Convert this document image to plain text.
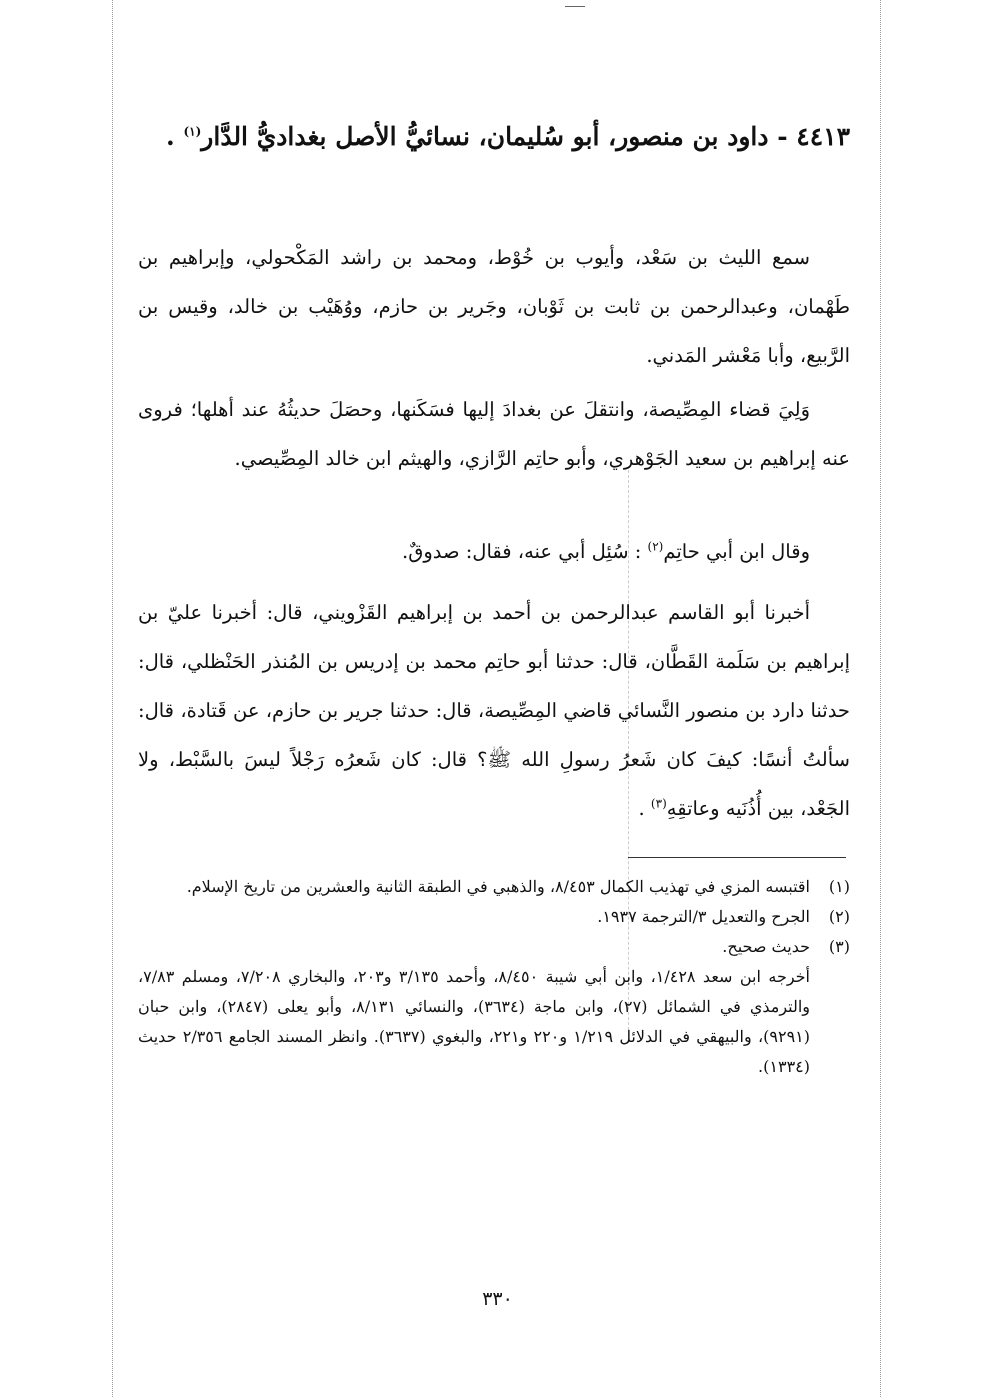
٤٤١٣ - داود بن منصور، أبو سُليمان، نسائيُّ الأصل بغداديُّ الدَّار$^{(١)}$ .
سمع الليث بن سَعْد، وأيوب بن خُوْط، ومحمد بن راشد المَكْحولي، وإبراهيم بن طَهْمان، وعبدالرحمن بن ثابت بن ثَوْبان، وجَرير بن حازم، ووُهَيْب بن خالد، وقيس بن الرَّبيع، وأبا مَعْشر المَدني.
وَلِيَ قضاء المِصِّيصة، وانتقلَ عن بغدادَ إليها فسَكَنها، وحصَلَ حديثُهُ عند أهلها؛ فروى عنه إبراهيم بن سعيد الجَوْهري، وأبو حاتِم الرَّازي، والهيثم ابن خالد المِصِّيصي.
وقال ابن أبي حاتِم$^{(٢)}$ : سُئِل أبي عنه، فقال: صدوقٌ.
أخبرنا أبو القاسم عبدالرحمن بن أحمد بن إبراهيم القَزْويني، قال: أخبرنا عليّ بن إبراهيم بن سَلَمة القَطَّان، قال: حدثنا أبو حاتِم محمد بن إدريس بن المُنذر الحَنْظلي، قال: حدثنا دارد بن منصور النَّسائي قاضي المِصِّيصة، قال: حدثنا جرير بن حازم، عن قَتادة، قال: سألتُ أنسًا: كيفَ كان شَعرُ رسولِ الله ﷺ؟ قال: كان شَعرُه رَجْلاً ليسَ بالسَّبْط، ولا الجَعْد، بين أُذُنَيه وعاتقِهِ$^{(٣)}$ .
(١)
اقتبسه المزي في تهذيب الكمال ٨/٤٥٣، والذهبي في الطبقة الثانية والعشرين من تاريخ الإسلام.
(٢)
الجرح والتعديل ٣/الترجمة ١٩٣٧.
(٣)
حديث صحيح.
أخرجه ابن سعد ١/٤٢٨، وابن أبي شيبة ٨/٤٥٠، وأحمد ٣/١٣٥ و٢٠٣، والبخاري ٧/٢٠٨، ومسلم ٧/٨٣، والترمذي في الشمائل (٢٧)، وابن ماجة (٣٦٣٤)، والنسائي ٨/١٣١، وأبو يعلى (٢٨٤٧)، وابن حبان (٩٢٩١)، والبيهقي في الدلائل ١/٢١٩ و٢٢٠ و٢٢١، والبغوي (٣٦٣٧). وانظر المسند الجامع ٢/٣٥٦ حديث (١٣٣٤).
٣٣٠
